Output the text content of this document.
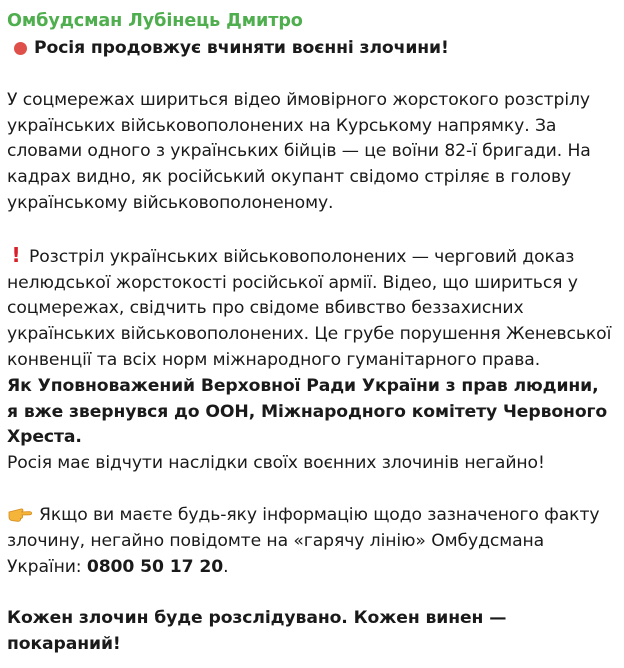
Омбудсман Лубінець Дмитро
Росія продовжує вчиняти воєнні злочини!

У соцмережах шириться відео ймовірного жорстокого розстрілу українських військовополонених на Курському напрямку. За словами одного з українських бійців — це воїни 82-ї бригади. На кадрах видно, як російський окупант свідомо стріляє в голову українському військовополоненому.

! Розстріл українських військовополонених — черговий доказ нелюдської жорстокості російської армії. Відео, що шириться у соцмережах, свідчить про свідоме вбивство беззахисних українських військовополонених. Це грубе порушення Женевської конвенції та всіх норм міжнародного гуманітарного права.

Як Уповноважений Верховної Ради України з прав людини, я вже звернувся до ООН, Міжнародного комітету Червоного Хреста.

Росія має відчути наслідки своїх воєнних злочинів негайно!

Якщо ви маєте будь-яку інформацію щодо зазначеного факту злочину, негайно повідомте на «гарячу лінію» Омбудсмана України: 0800 50 17 20.

Кожен злочин буде розслідувано. Кожен винен — покараний!
